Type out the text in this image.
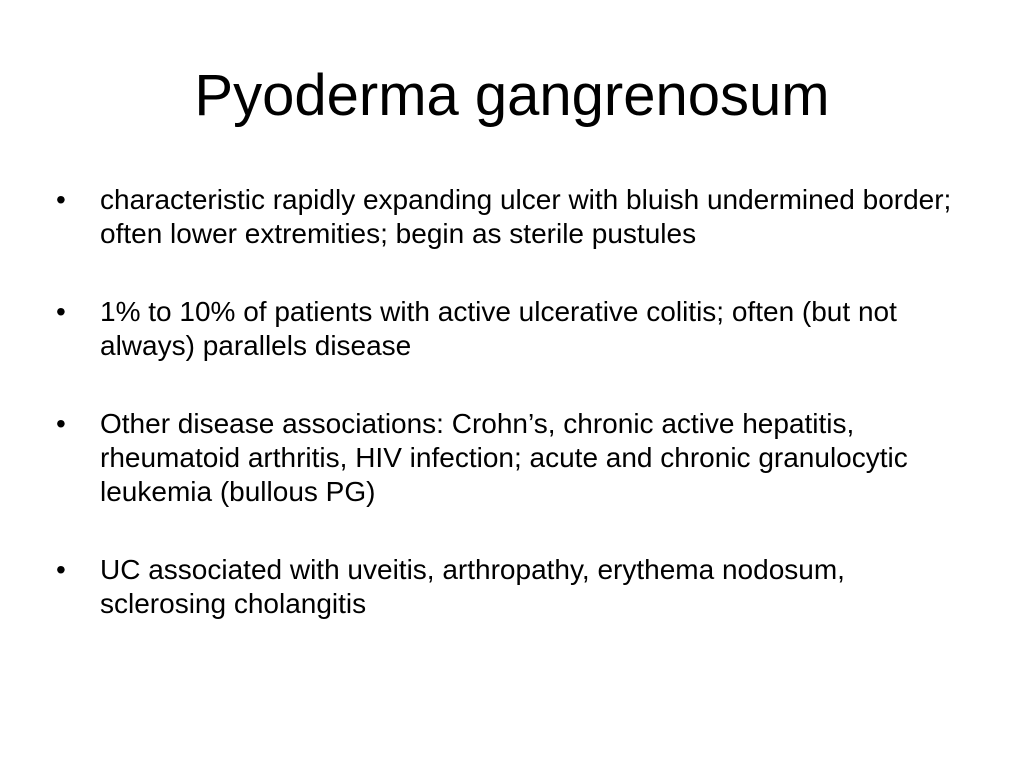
Pyoderma gangrenosum
•	characteristic rapidly expanding ulcer with bluish undermined border; often lower extremities; begin as sterile pustules
•	1% to 10% of patients with active ulcerative colitis; often (but not always) parallels disease
•	Other disease associations: Crohn’s, chronic active hepatitis, rheumatoid arthritis, HIV infection; acute and chronic granulocytic leukemia (bullous PG)
•	UC associated with uveitis, arthropathy, erythema nodosum, sclerosing cholangitis
